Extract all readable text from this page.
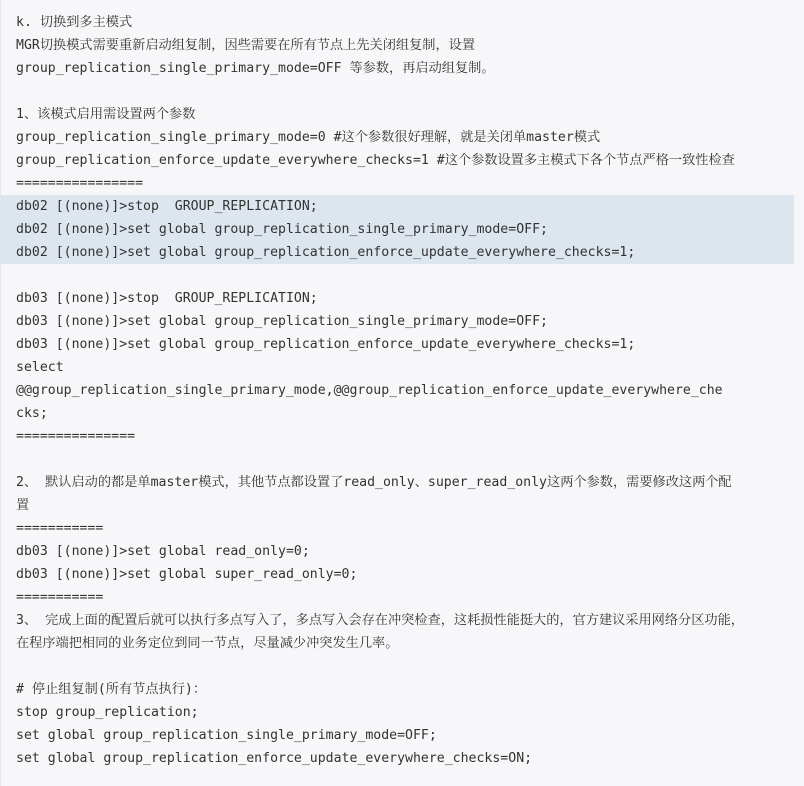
k. 切换到多主模式
MGR切换模式需要重新启动组复制，因些需要在所有节点上先关闭组复制，设置
group_replication_single_primary_mode=OFF 等参数，再启动组复制。
1、该模式启用需设置两个参数
group_replication_single_primary_mode=0 #这个参数很好理解，就是关闭单master模式
group_replication_enforce_update_everywhere_checks=1 #这个参数设置多主模式下各个节点严格一致性检查
================
db02 [(none)]>stop  GROUP_REPLICATION;
db02 [(none)]>set global group_replication_single_primary_mode=OFF;
db02 [(none)]>set global group_replication_enforce_update_everywhere_checks=1;
db03 [(none)]>stop  GROUP_REPLICATION;
db03 [(none)]>set global group_replication_single_primary_mode=OFF;
db03 [(none)]>set global group_replication_enforce_update_everywhere_checks=1;
select
@@group_replication_single_primary_mode,@@group_replication_enforce_update_everywhere_che
cks;
===============
2、 默认启动的都是单master模式，其他节点都设置了read_only、super_read_only这两个参数，需要修改这两个配
置
===========
db03 [(none)]>set global read_only=0;
db03 [(none)]>set global super_read_only=0;
===========
3、 完成上面的配置后就可以执行多点写入了，多点写入会存在冲突检查，这耗损性能挺大的，官方建议采用网络分区功能，
在程序端把相同的业务定位到同一节点，尽量减少冲突发生几率。
# 停止组复制(所有节点执行)：
stop group_replication;
set global group_replication_single_primary_mode=OFF;
set global group_replication_enforce_update_everywhere_checks=ON;
